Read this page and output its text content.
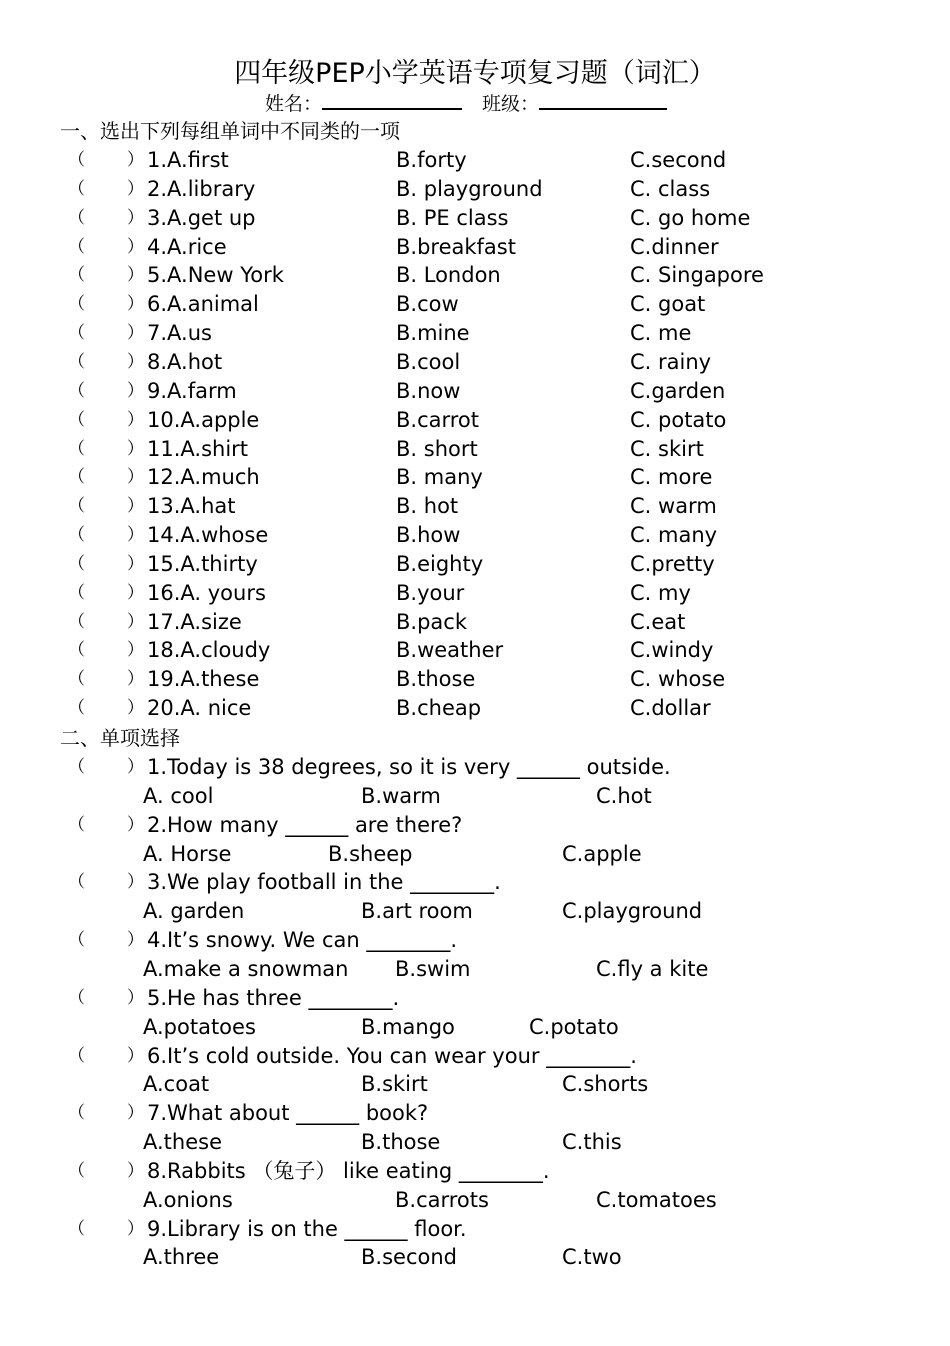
四年级PEP小学英语专项复习题（词汇）
姓名：	班级：
一、选出下列每组单词中不同类的一项
（ ） 1.A.first	B.forty	C.second
（ ） 2.A.library	B. playground	C. class
（ ） 3.A.get up	B. PE class	C. go home
（ ） 4.A.rice	B.breakfast	C.dinner
（ ） 5.A.New York	B. London	C. Singapore
（ ） 6.A.animal	B.cow	C. goat
（ ） 7.A.us	B.mine	C. me
（ ） 8.A.hot	B.cool	C. rainy
（ ） 9.A.farm	B.now	C.garden
（ ） 10.A.apple	B.carrot	C. potato
（ ） 11.A.shirt	B. short	C. skirt
（ ） 12.A.much	B. many	C. more
（ ） 13.A.hat	B. hot	C. warm
（ ） 14.A.whose	B.how	C. many
（ ） 15.A.thirty	B.eighty	C.pretty
（ ） 16.A. yours	B.your	C. my
（ ） 17.A.size	B.pack	C.eat
（ ） 18.A.cloudy	B.weather	C.windy
（ ） 19.A.these	B.those	C. whose
（ ） 20.A. nice	B.cheap	C.dollar
二、单项选择
（ ） 1.Today is 38 degrees, so it is very ______ outside.
A. cool	B.warm	C.hot
（ ） 2.How many ______ are there?
A. Horse	B.sheep	C.apple
（ ） 3.We play football in the ________.
A. garden	B.art room	C.playground
（ ） 4.It’s snowy. We can ________.
A.make a snowman B.swim	C.fly a kite
（ ） 5.He has three ________.
A.potatoes	B.mango	C.potato
（ ） 6.It’s cold outside. You can wear your ________.
A.coat	B.skirt	C.shorts
（ ） 7.What about ______ book?
A.these	B.those	C.this
（ ） 8.Rabbits （兔子） like eating ________.
A.onions	B.carrots	C.tomatoes
（ ） 9.Library is on the ______ floor.
A.three	B.second	C.two
